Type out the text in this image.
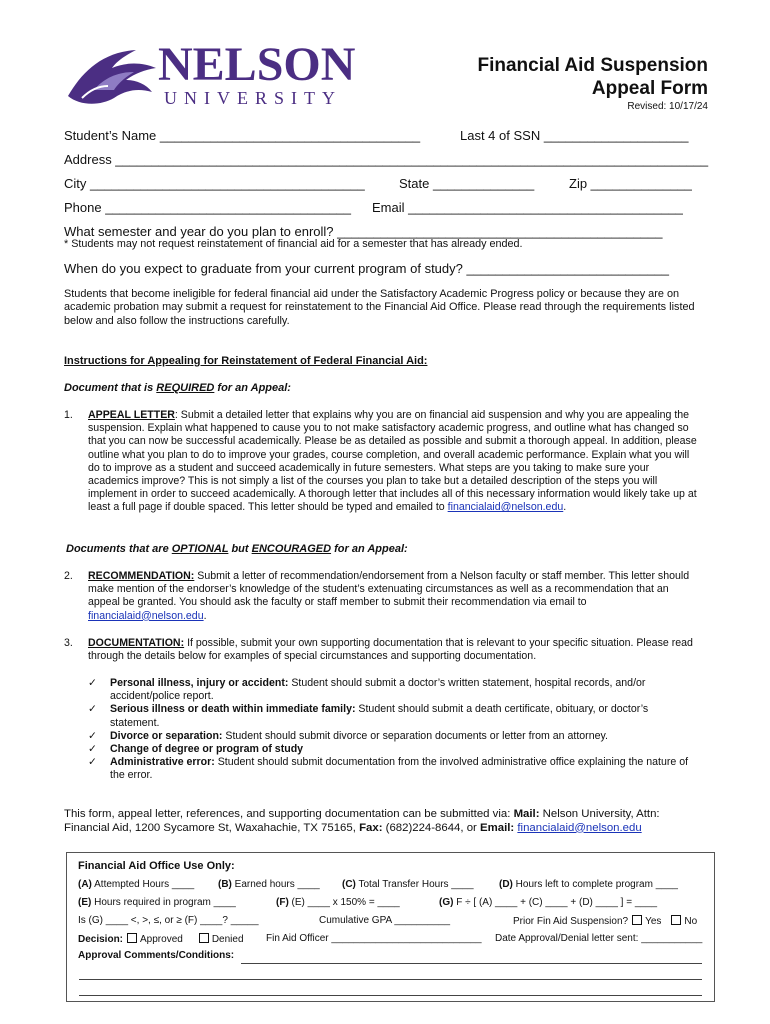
NELSON
UNIVERSITY
Financial Aid Suspension
Appeal Form
Revised: 10/17/24
Student’s Name ____________________________________	Last 4 of SSN ____________________
Address __________________________________________________________________________________
City ______________________________________	State ______________	Zip ______________
Phone __________________________________ Email ______________________________________
What semester and year do you plan to enroll? _____________________________________________
* Students may not request reinstatement of financial aid for a semester that has already ended.
When do you expect to graduate from your current program of study? ____________________________
Students that become ineligible for federal financial aid under the Satisfactory Academic Progress policy or because they are on academic probation may submit a request for reinstatement to the Financial Aid Office. Please read through the requirements listed below and also follow the instructions carefully.
Instructions for Appealing for Reinstatement of Federal Financial Aid:
Document that is REQUIRED for an Appeal:
1. APPEAL LETTER: Submit a detailed letter that explains why you are on financial aid suspension and why you are appealing the suspension. Explain what happened to cause you to not make satisfactory academic progress, and outline what has changed so that you can now be successful academically. Please be as detailed as possible and submit a thorough appeal. In addition, please outline what you plan to do to improve your grades, course completion, and overall academic performance. Explain what you will do to improve as a student and succeed academically in future semesters. What steps are you taking to make sure your academics improve? This is not simply a list of the courses you plan to take but a detailed description of the steps you will implement in order to succeed academically. A thorough letter that includes all of this necessary information would likely take up at least a full page if double spaced. This letter should be typed and emailed to financialaid@nelson.edu.
Documents that are OPTIONAL but ENCOURAGED for an Appeal:
2. RECOMMENDATION: Submit a letter of recommendation/endorsement from a Nelson faculty or staff member. This letter should make mention of the endorser’s knowledge of the student’s extenuating circumstances as well as a recommendation that an appeal be granted. You should ask the faculty or staff member to submit their recommendation via email to financialaid@nelson.edu.
3. DOCUMENTATION: If possible, submit your own supporting documentation that is relevant to your specific situation. Please read through the details below for examples of special circumstances and supporting documentation.
✓	Personal illness, injury or accident: Student should submit a doctor’s written statement, hospital records, and/or accident/police report.
✓	Serious illness or death within immediate family: Student should submit a death certificate, obituary, or doctor’s statement.
✓	Divorce or separation: Student should submit divorce or separation documents or letter from an attorney.
✓	Change of degree or program of study
✓	Administrative error: Student should submit documentation from the involved administrative office explaining the nature of the error.
This form, appeal letter, references, and supporting documentation can be submitted via: Mail: Nelson University, Attn: Financial Aid, 1200 Sycamore St, Waxahachie, TX 75165, Fax: (682)224-8644, or Email: financialaid@nelson.edu
Financial Aid Office Use Only:
(A) Attempted Hours ____ (B) Earned hours ____ (C) Total Transfer Hours ____	(D) Hours left to complete program ____
(E) Hours required in program ____	(F) (E) ____ x 150% = ____	(G) F ÷ [ (A) ____ + (C) ____ + (D) ____ ] = ____
Is (G) ____ <, >, ≤, or ≥ (F) ____? _____	Cumulative GPA __________	Prior Fin Aid Suspension? Yes No
Decision: Approved	Denied Fin Aid Officer ___________________________ Date Approval/Denial letter sent: ___________
Approval Comments/Conditions:
